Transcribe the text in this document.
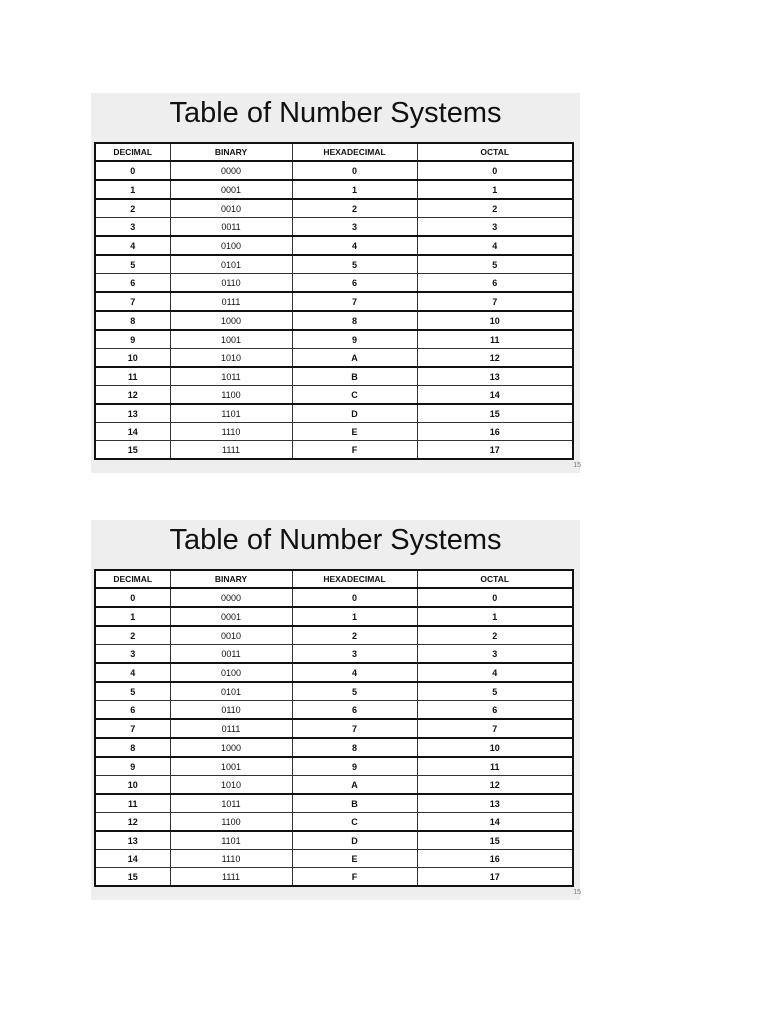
Table of Number Systems
DECIMAL	BINARY	HEXADECIMAL	OCTAL
0	0000	0	0
1	0001	1	1
2	0010	2	2
3	0011	3	3
4	0100	4	4
5	0101	5	5
6	0110	6	6
7	0111	7	7
8	1000	8	10
9	1001	9	11
10	1010	A	12
11	1011	B	13
12	1100	C	14
13	1101	D	15
14	1110	E	16
15	1111	F	17
15
Table of Number Systems
DECIMAL	BINARY	HEXADECIMAL	OCTAL
0	0000	0	0
1	0001	1	1
2	0010	2	2
3	0011	3	3
4	0100	4	4
5	0101	5	5
6	0110	6	6
7	0111	7	7
8	1000	8	10
9	1001	9	11
10	1010	A	12
11	1011	B	13
12	1100	C	14
13	1101	D	15
14	1110	E	16
15	1111	F	17
15
